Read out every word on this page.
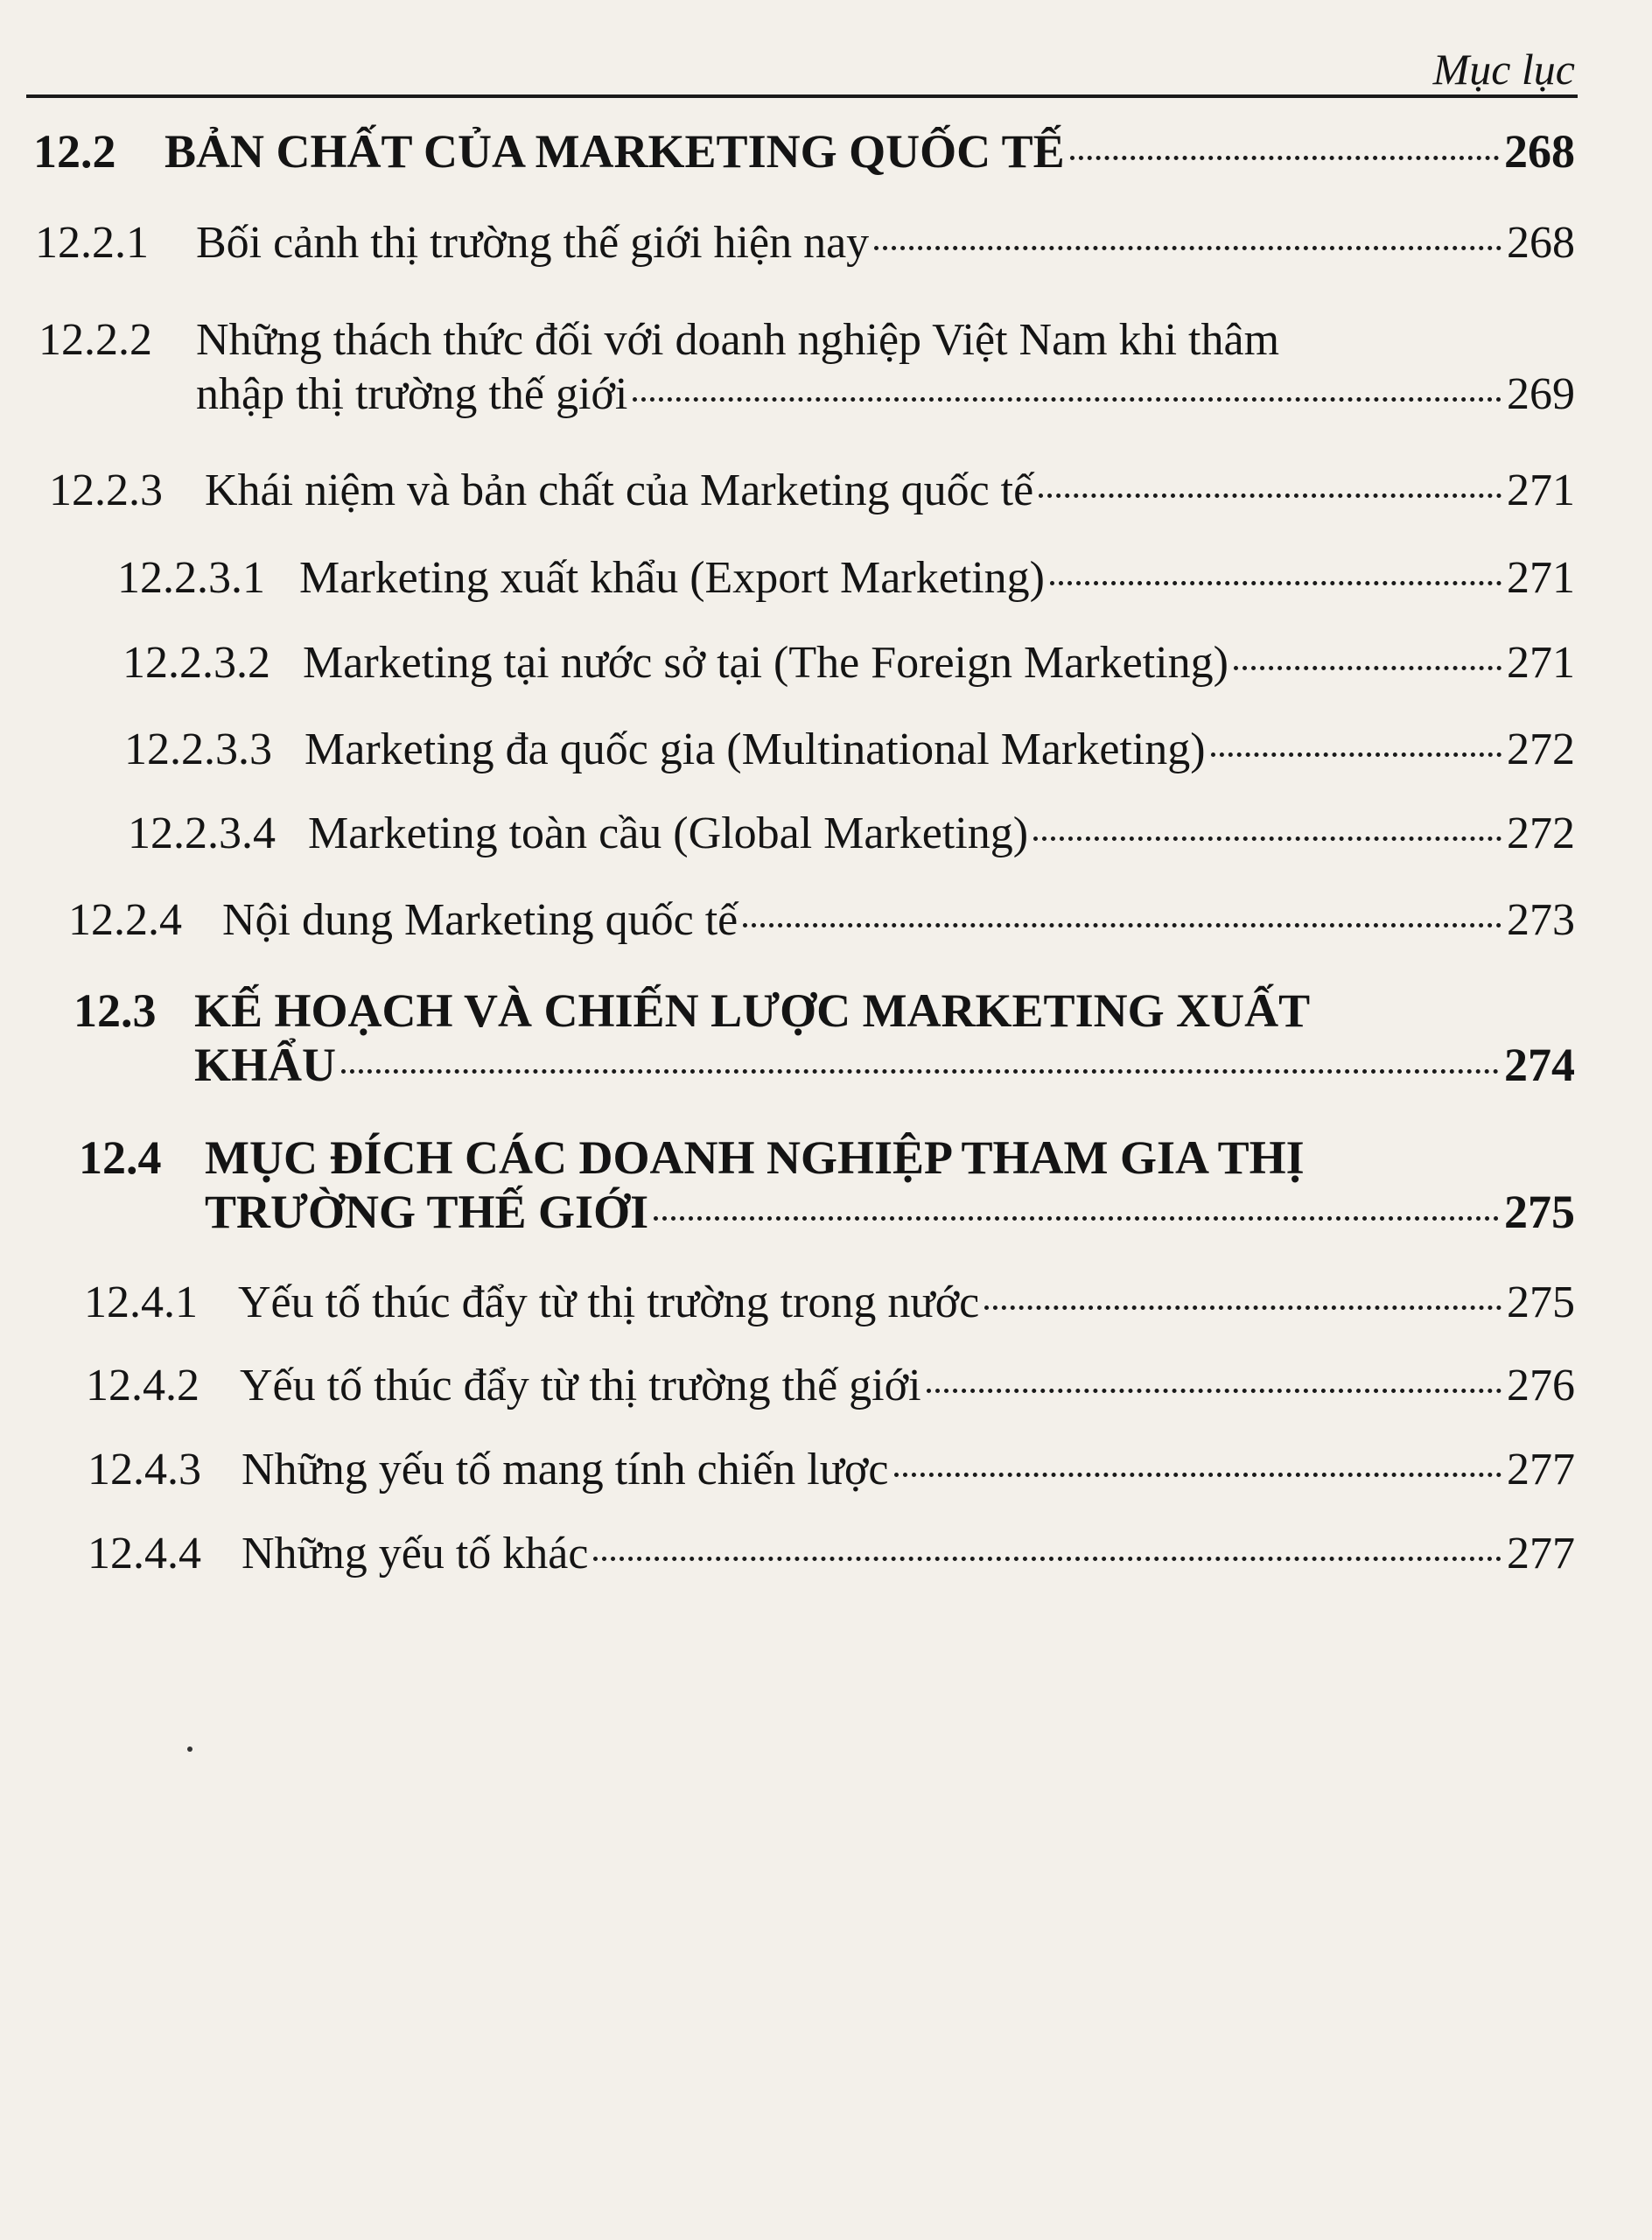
Mục lục
12.2	BẢN CHẤT CỦA MARKETING QUỐC TẾ	268
12.2.1	Bối cảnh thị trường thế giới hiện nay	268
12.2.2 Những thách thức đối với doanh nghiệp Việt Nam khi thâm
nhập thị trường thế giới	269
12.2.3 Khái niệm và bản chất của Marketing quốc tế	271
12.2.3.1 Marketing xuất khẩu (Export Marketing)	271
12.2.3.2 Marketing tại nước sở tại (The Foreign Marketing)	271
12.2.3.3 Marketing đa quốc gia (Multinational Marketing)	272
12.2.3.4 Marketing toàn cầu (Global Marketing)	272
12.2.4 Nội dung Marketing quốc tế	273
12.3 KẾ HOẠCH VÀ CHIẾN LƯỢC MARKETING XUẤT
KHẨU	274
12.4 MỤC ĐÍCH CÁC DOANH NGHIỆP THAM GIA THỊ
TRƯỜNG THẾ GIỚI	275
12.4.1 Yếu tố thúc đẩy từ thị trường trong nước	275
12.4.2 Yếu tố thúc đẩy từ thị trường thế giới	276
12.4.3 Những yếu tố mang tính chiến lược	277
12.4.4 Những yếu tố khác	277
